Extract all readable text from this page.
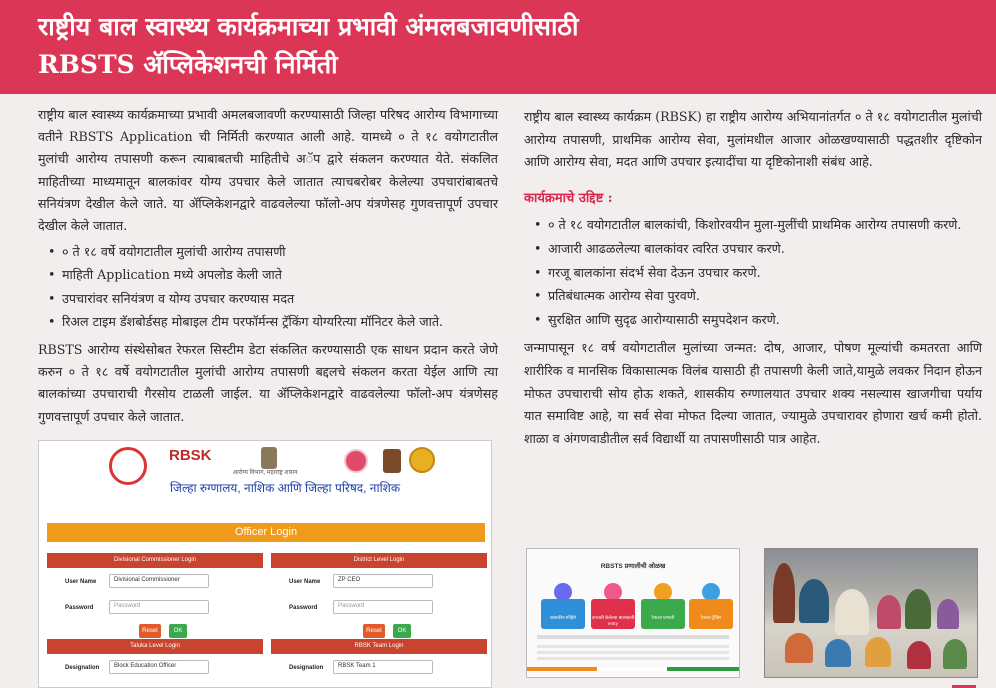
राष्ट्रीय बाल स्वास्थ्य कार्यक्रमाच्या प्रभावी अंमलबजावणीसाठी
RBSTS ॲप्लिकेशनची निर्मिती

राष्ट्रीय बाल स्वास्थ्य कार्यक्रमाच्या प्रभावी अमलबजावणी करण्यासाठी जिल्हा परिषद आरोग्य विभागाच्या वतीने RBSTS Application ची निर्मिती करण्यात आली आहे. यामध्ये ० ते १८ वयोगटातील मुलांची आरोग्य तपासणी करून त्याबाबतची माहितीचे अॅप द्वारे संकलन करण्यात येते. संकलित माहितीच्या माध्यमातून बालकांवर योग्य उपचार केले जातात त्याचबरोबर केलेल्या उपचारांबाबतचे सनियंत्रण देखील केले जाते. या ॲप्लिकेशनद्वारे वाढवलेल्या फॉलो-अप यंत्रणेसह गुणवत्तापूर्ण उपचार देखील केले जातात.

• ० ते १८ वर्षे वयोगटातील मुलांची आरोग्य तपासणी
• माहिती Application मध्ये अपलोड केली जाते
• उपचारांवर सनियंत्रण व योग्य उपचार करण्यास मदत
• रिअल टाइम डॅशबोर्डसह मोबाइल टीम परफॉर्मन्स ट्रॅकिंग योग्यरित्या मॉनिटर केले जाते.

RBSTS आरोग्य संस्थेसोबत रेफरल सिस्टीम डेटा संकलित करण्यासाठी एक साधन प्रदान करते जेणे करुन ० ते १८ वर्षे वयोगटातील मुलांची आरोग्य तपासणी बद्दलचे संकलन करता येईल आणि त्या बालकांच्या उपचाराची गैरसोय टाळली जाईल. या ॲप्लिकेशनद्वारे वाढवलेल्या फॉलो-अप यंत्रणेसह गुणवत्तापूर्ण उपचार केले जातात.

RBSK
आरोग्य विभाग, महाराष्ट्र शासन
जिल्हा रुग्णालय, नाशिक आणि जिल्हा परिषद, नाशिक
Officer Login
Divisional Commissioner Login
User Name	Divisional Commissioner
Password	Password
Reset	OK
District Level Login
User Name	ZP CEO
Password	Password
Reset	OK
Taluka Level Login
Designation	Block Education Officer
RBSK Team Login
Designation	RBSK Team 1

राष्ट्रीय बाल स्वास्थ्य कार्यक्रम (RBSK) हा राष्ट्रीय आरोग्य अभियानांतर्गत ० ते १८ वयोगटातील मुलांची आरोग्य तपासणी, प्राथमिक आरोग्य सेवा, मुलांमधील आजार ओळखण्यासाठी पद्धतशीर दृष्टिकोन आणि आरोग्य सेवा, मदत आणि उपचार इत्यादींचा या दृष्टिकोनाशी संबंध आहे.

कार्यक्रमाचे उद्दिष्ट :
• ० ते १८ वयोगटातील बालकांची, किशोरवयीन मुला-मुलींची प्राथमिक आरोग्य तपासणी करणे.
• आजारी आढळलेल्या बालकांवर त्वरित उपचार करणे.
• गरजू बालकांना संदर्भ सेवा देऊन उपचार करणे.
• प्रतिबंधात्मक आरोग्य सेवा पुरवणे.
• सुरक्षित आणि सुदृढ आरोग्यासाठी समुपदेशन करणे.

जन्मापासून १८ वर्ष वयोगटातील मुलांच्या जन्मत: दोष, आजार, पोषण मूल्यांची कमतरता आणि शारीरिक व मानसिक विकासात्मक विलंब यासाठी ही तपासणी केली जाते,यामुळे लवकर निदान होऊन मोफत उपचाराची सोय होऊ शकते, शासकीय रुग्णालयात उपचार शक्य नसल्यास खाजगीचा पर्याय यात समाविष्ट आहे, या सर्व सेवा मोफत दिल्या जातात, ज्यामुळे उपचारावर होणारा खर्च कमी होतो. शाळा व अंगणवाडीतील सर्व विद्यार्थी या तपासणीसाठी पात्र आहेत.

RBSTS प्रणालीची ओळख
शासकीय मोहिमे	उपचारी केलेल्या बालकांची entry
रेफरल प्रणाली	रेफरल ट्रॅकिंग
